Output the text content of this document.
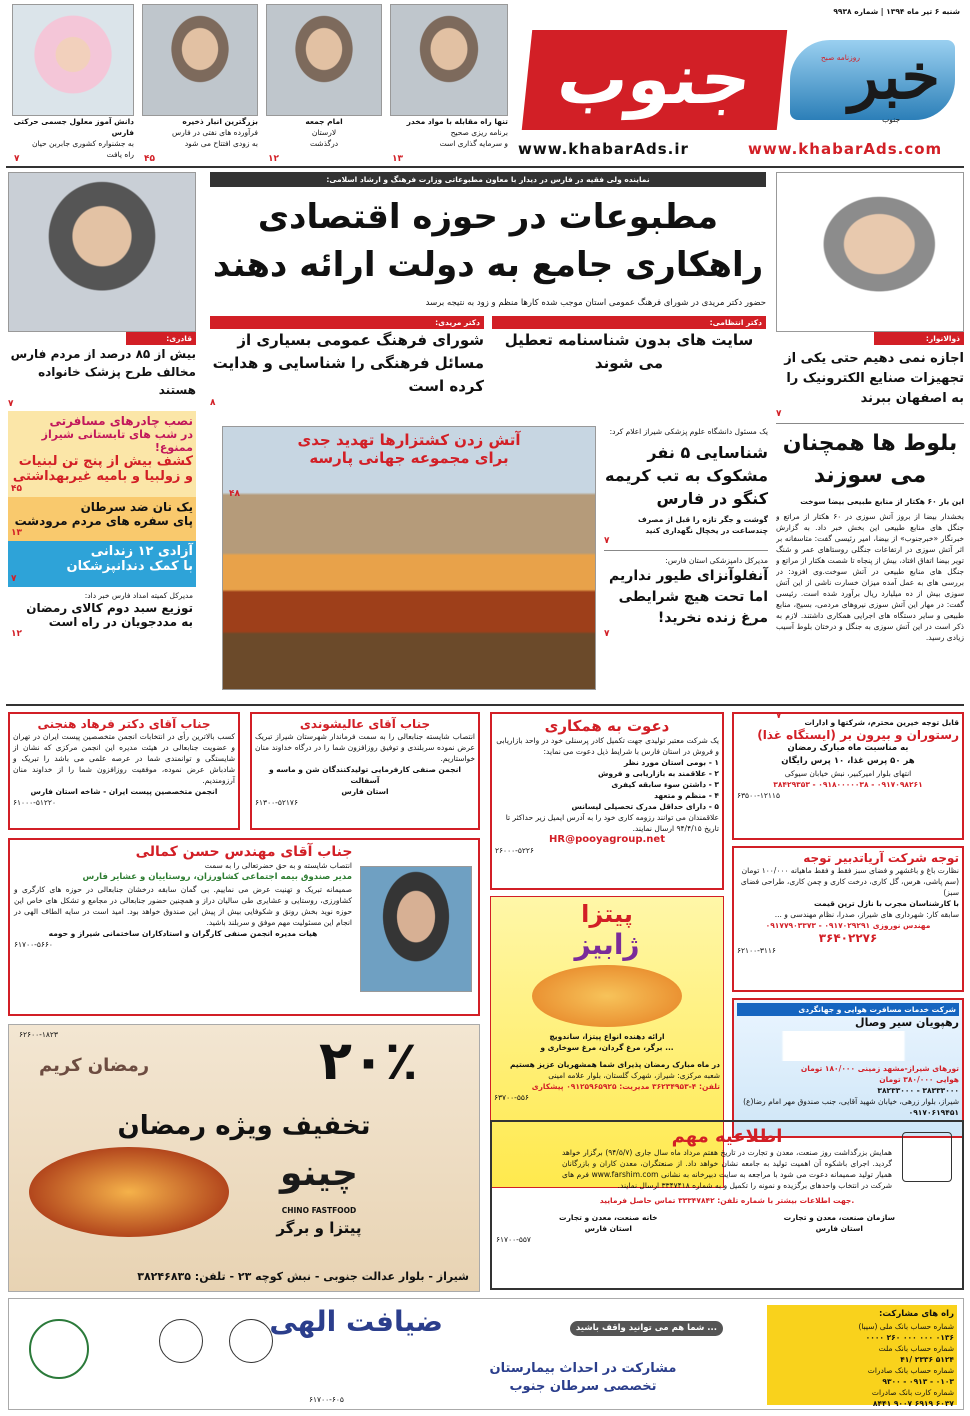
شنبه ۶ تیر ماه ۱۳۹۴ | شماره ۹۹۳۸
خبر
روزنامه صبح
جنوب
جنوب
www.khabarAds.ir	www.khabarAds.com
تنها راه مقابله با مواد مخدر
برنامه ریزی صحیح
و سرمایه گذاری است
۱۳
امام جمعه
لارستان
درگذشت
۱۲
بزرگترین انبار ذخیره
فرآورده های نفتی در فارس
به زودی افتتاح می شود
۴۵
دانش آموز معلول جسمی حرکتی فارس
به جشنواره کشوری جابربن حیان
راه یافت
۷
ذوالانوار:
اجازه نمی دهیم حتی یکی از تجهیزات صنایع الکترونیک را به اصفهان ببرند
۷
بلوط ها همچنان می سوزند
این بار ۶۰ هکتار از منابع طبیعی بیضا سوخت
بخشدار بیضا از بروز آتش سوزی در ۶۰ هکتار از مراتع و جنگل های منابع طبیعی این بخش خبر داد. به گزارش خبرنگار «خبرجنوب» از بیضا، امیر رئیسی گفت: متاسفانه بر اثر آتش سوزی در ارتفاعات جنگلی روستاهای عمر و شنگ تویر بیضا اتفاق افتاد، بیش از پنجاه تا شصت هکتار از مراتع و جنگل های منابع طبیعی در آتش سوخت.وی افزود: در بررسی های به عمل آمده میزان خسارت ناشی از این آتش سوزی بیش از ده میلیارد ریال برآورد شده است. رئیسی گفت: در مهار این آتش سوزی نیروهای مردمی، بسیج، منابع طبیعی و سایر دستگاه های اجرایی همکاری داشتند. لازم به ذکر است در این آتش سوزی به جنگل و درختان بلوط آسیب زیادی رسید.
۷
قادری:
بیش از ۸۵ درصد از مردم فارس مخالف طرح پزشک خانواده هستند
۷
نصب چادرهای مسافرتی
در شب های تابستانی شیراز ممنوع!
کشف بیش از پنج تن لبنیات
و زولبیا و بامیه غیربهداشتی
۴۵
یک نان ضد سرطان
پای سفره های مردم مرودشت
۱۳
آزادی ۱۲ زندانی
با کمک دندانپزشکان
۷
مدیرکل کمیته امداد فارس خبر داد:
توزیع سبد دوم کالای رمضان
به مددجویان در راه است
۱۲
نماینده ولی فقیه در فارس در دیدار با معاون مطبوعاتی وزارت فرهنگ و ارشاد اسلامی:
مطبوعات در حوزه اقتصادی
راهکاری جامع به دولت ارائه دهند
حضور دکتر مریدی در شورای فرهنگ عمومی استان موجب شده کارها منظم و زود به نتیجه برسد
دکتر مریدی:
شورای فرهنگ عمومی بسیاری از مسائل فرهنگی را شناسایی و هدایت کرده است
۸
دکتر انتظامی:
سایت های بدون شناسنامه تعطیل می شوند
آتش زدن کشتزارها تهدید جدی
برای مجموعه جهانی پارسه
۴۸
یک مسئول دانشگاه علوم پزشکی شیراز اعلام کرد:
شناسایی ۵ نفر مشکوک به تب کریمه کنگو در فارس
گوشت و جگر تازه را قبل از مصرف چندساعت در یخچال نگهداری کنید
۷
مدیرکل دامپزشکی استان فارس:
آنفلوآنزای طیور نداریم اما تحت هیچ شرایطی مرغ زنده نخرید!
۷
جناب آقای دکتر فرهاد هنجنی
کسب بالاترین رأی در انتخابات انجمن متخصصین پیست ایران در تهران و عضویت جنابعالی در هیئت مدیره این انجمن مرکزی که نشان از شایستگی و توانمندی شما در عرصه علمی می باشد را تبریک و شادباش عرض نموده، موفقیت روزافزون شما را از خداوند منان آرزومندیم.
انجمن متخصصین پیست ایران - شاخه استان فارس
۶۱۰۰۰-۵۱۲۲۰
جناب آقای عالیشوندی
انتصاب شایسته جنابعالی را به سمت فرماندار شهرستان شیراز تبریک عرض نموده سربلندی و توفیق روزافزون شما را در درگاه خداوند منان خواستاریم.
انجمن صنفی کارفرمایی تولیدکنندگان شن و ماسه و آسفالت
استان فارس
۶۱۳۰۰-۵۲۱۷۶
دعوت به همکاری
یک شرکت معتبر تولیدی جهت تکمیل کادر پرسنلی خود در واحد بازاریابی و فروش در استان فارس با شرایط ذیل دعوت می نماید:
۱ - بومی استان مورد نظر
۲ - علاقمند به بازاریابی و فروش
۳ - داشتن سوء سابقه کیفری
۴ - منظم و متعهد
۵ - دارای حداقل مدرک تحصیلی لیسانس
علاقمندان می توانند رزومه کاری خود را به آدرس ایمیل زیر حداکثر تا تاریخ ۹۴/۴/۱۵ ارسال نمایند.
HR@pooyagroup.net
۲۶۰۰۰-۵۲۲۶
قابل توجه خیرین محترم، شرکتها و ادارات
رستوران و بیرون بر (ایستگاه غذا)
به مناسبت ماه مبارک رمضان
هر ۵۰ پرس غذا، ۱۰ پرس رایگان
انتهای بلوار امیرکبیر، نبش خیابان سیوکی
۳۸۴۲۹۳۵۳ - ۰۹۱۸۰۰۰۰۰۳۸ - ۰۹۱۷۰۹۸۲۶۱
۶۳۵۰۰-۱۲۱۱۵
جناب آقای مهندس حسن کمالی
انتصاب شایسته و به حق حضرتعالی را به سمت
مدیر صندوق بیمه اجتماعی کشاورزان، روستاییان و عشایر فارس
صمیمانه تبریک و تهنیت عرض می نماییم. بی گمان سابقه درخشان جنابعالی در حوزه های کارگری و کشاورزی، روستایی و عشایری طی سالیان دراز و همچنین حضور جنابعالی در مجامع و تشکل های خاص این حوزه نوید بخش رونق و شکوفایی بیش از پیش این صندوق خواهد بود. امید است در سایه الطاف الهی در انجام این مسئولیت مهم موفق و سربلند باشید.
هیات مدیره انجمن صنفی کارگران و استادکاران ساختمانی شیراز و حومه
۶۱۷۰۰-۵۶۶۰
پیتزا
ژابیز
ارائه دهنده انواع پیتزا، ساندویچ
برگر، مرغ گردان، مرغ سوخاری و ...
در ماه مبارک رمضان پذیرای شما همشهریان عزیز هستیم
شعبه مرکزی: شیراز، شهرک گلستان، بلوار علامه امینی
تلفن: ۴-۳۶۲۳۴۹۵۳ مدیریت: ۰۹۱۲۵۹۶۵۹۲۵ پیشکاری
۶۳۷۰۰-۵۵۶
توجه شرکت آریاتدبیر توجه
نظارت باغ و باغشهر و فضای سبز فقط و فقط ماهیانه ۱۰۰/۰۰۰ تومان (سم پاشی، هرس، گل کاری، درخت کاری و چمن کاری، طراحی فضای سبز)
با کارشناسان مجرب با نازل ترین قیمت
سابقه کار: شهرداری های شیراز، صدرا، نظام مهندسی و ...
۰۹۱۷۷۹۰۳۳۷۳ - ۰۹۱۷۰۲۹۲۹۱ مهندس نوروزی
۳۶۴۰۲۲۷۶
۶۲۱۰۰-۳۱۱۶
شرکت خدمات مسافرت هوایی و جهانگردی
رهپویان سیر وصال
تورهای شیراز-مشهد زمینی ۱۸۰/۰۰۰ تومان
هوایی ۳۸۰/۰۰۰ تومان
۳۸۳۳۳۰۰۰ - ۳۸۲۳۳۰۰۰
شیراز، بلوار زرهی، خیابان شهید آقایی، جنب صندوق مهر امام رضا(ع)
۰۹۱۷۰۶۱۹۴۵۱
۲۰٪
رمضان کریم
تخفیف ویژه رمضان
چینو
CHINO FASTFOOD
پیتزا و برگر
شیراز - بلوار عدالت جنوبی - نبش کوچه ۲۳ - تلفن: ۳۸۲۴۶۸۳۵
۶۲۶۰۰-۱۸۲۳
اطلاعیه مهم
همایش بزرگداشت روز صنعت، معدن و تجارت در تاریخ هفتم مرداد ماه سال جاری (۹۴/۵/۷) برگزار خواهد گردید. اجرای باشکوه آن اهمیت تولید به جامعه نشان خواهد داد. از صنعتگران، معدن کاران و بازرگانان همیار تولید صمیمانه دعوت می شود با مراجعه به سایت دبیرخانه به نشانی www.farshim.com فرم های شرکت در انتخاب واحدهای برگزیده و نمونه را تکمیل و به شماره ۳۳۴۷۴۱۸ ارسال نمایند.
جهت اطلاعات بیشتر با شماره تلفن: ۳۳۳۴۷۸۴۲ تماس حاصل فرمایید.
خانه صنعت، معدن و تجارت
استان فارس
سازمان صنعت، معدن و تجارت
استان فارس
۶۱۷۰۰-۵۵۷
راه های مشارکت:
شماره حساب بانک ملی (سیبا)
۰۱۳۶ ۰۰۰ ۰۰۰ ۲۶۰ ۰۰۰۰
شماره حساب بانک ملت
۵۱۲۴ ۲۳۳۶ /۴۱
شماره حساب بانک صادرات
۰۱۰۳ - ۰۹۱۳ - ۹۳۰۰
شماره کارت بانک صادرات
۶۰۳۷ ۶۹۱۹ ۹۰۰۷ ۸۴۴۱
ضیافت الهی	شما هم می توانید واقف باشید ...
مشارکت در احداث بیمارستان
تخصصی سرطان جنوب
۶۱۷۰۰-۶۰۵
